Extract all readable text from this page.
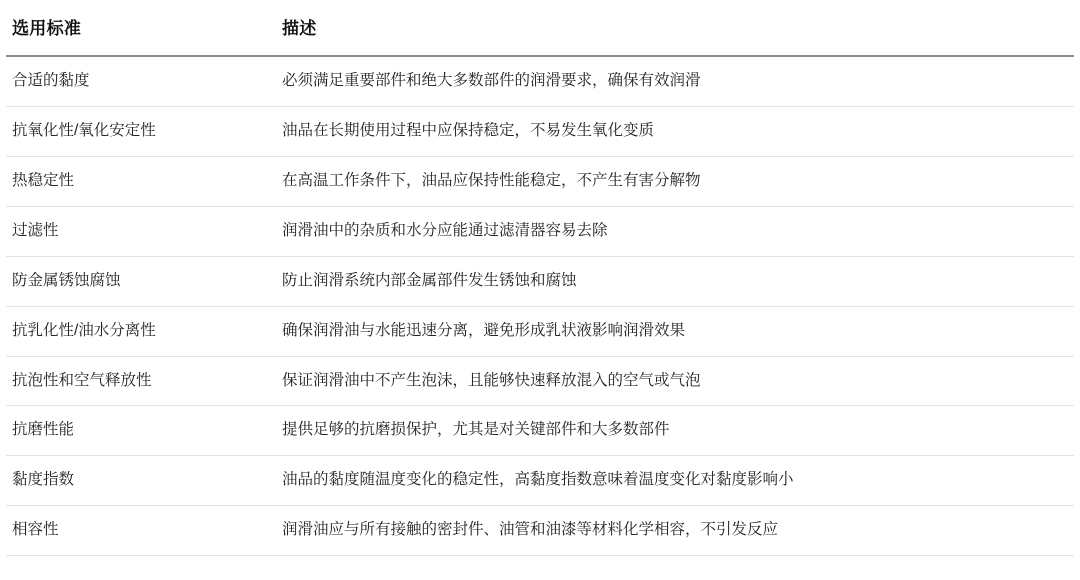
选用标准	描述
合适的黏度	必须满足重要部件和绝大多数部件的润滑要求，确保有效润滑
抗氧化性/氧化安定性	油品在长期使用过程中应保持稳定，不易发生氧化变质
热稳定性	在高温工作条件下，油品应保持性能稳定，不产生有害分解物
过滤性	润滑油中的杂质和水分应能通过滤清器容易去除
防金属锈蚀腐蚀	防止润滑系统内部金属部件发生锈蚀和腐蚀
抗乳化性/油水分离性	确保润滑油与水能迅速分离，避免形成乳状液影响润滑效果
抗泡性和空气释放性	保证润滑油中不产生泡沫，且能够快速释放混入的空气或气泡
抗磨性能	提供足够的抗磨损保护，尤其是对关键部件和大多数部件
黏度指数	油品的黏度随温度变化的稳定性，高黏度指数意味着温度变化对黏度影响小
相容性	润滑油应与所有接触的密封件、油管和油漆等材料化学相容，不引发反应
